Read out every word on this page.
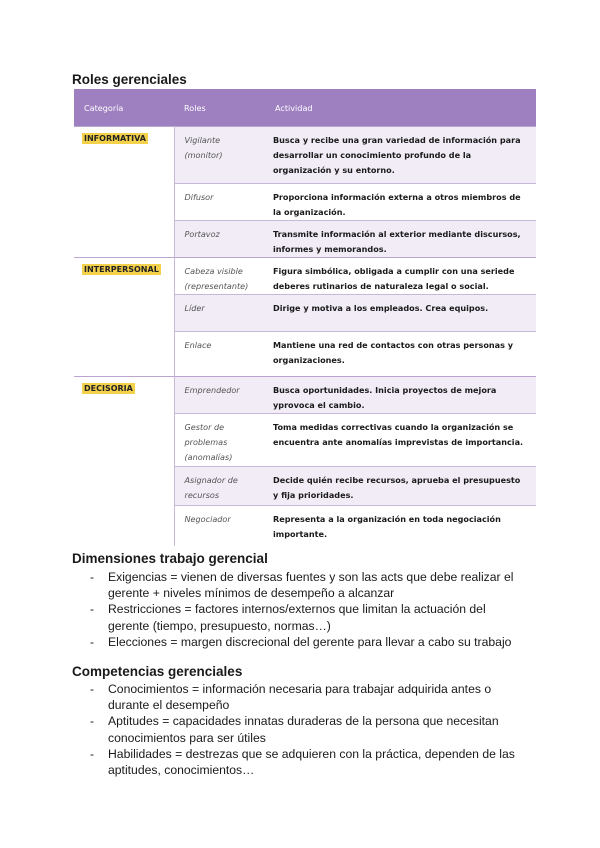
Roles gerenciales

Categoría	Roles	Actividad
INFORMATIVA	Vigilante (monitor)	Busca y recibe una gran variedad de información para desarrollar un conocimiento profundo de la organización y su entorno.
	Difusor	Proporciona información externa a otros miembros de la organización.
	Portavoz	Transmite información al exterior mediante discursos, informes y memorandos.
INTERPERSONAL	Cabeza visible (representante)	Figura simbólica, obligada a cumplir con una seriede deberes rutinarios de naturaleza legal o social.
	Líder	Dirige y motiva a los empleados. Crea equipos.
	Enlace	Mantiene una red de contactos con otras personas y organizaciones.
DECISORIA	Emprendedor	Busca oportunidades. Inicia proyectos de mejora yprovoca el cambio.
	Gestor de problemas (anomalías)	Toma medidas correctivas cuando la organización se encuentra ante anomalías imprevistas de importancia.
	Asignador de recursos	Decide quién recibe recursos, aprueba el presupuesto y fija prioridades.
	Negociador	Representa a la organización en toda negociación importante.

Dimensiones trabajo gerencial

- Exigencias = vienen de diversas fuentes y son las acts que debe realizar el gerente + niveles mínimos de desempeño a alcanzar
- Restricciones = factores internos/externos que limitan la actuación del gerente (tiempo, presupuesto, normas…)
- Elecciones = margen discrecional del gerente para llevar a cabo su trabajo

Competencias gerenciales

- Conocimientos = información necesaria para trabajar adquirida antes o durante el desempeño
- Aptitudes = capacidades innatas duraderas de la persona que necesitan conocimientos para ser útiles
- Habilidades = destrezas que se adquieren con la práctica, dependen de las aptitudes, conocimientos…
